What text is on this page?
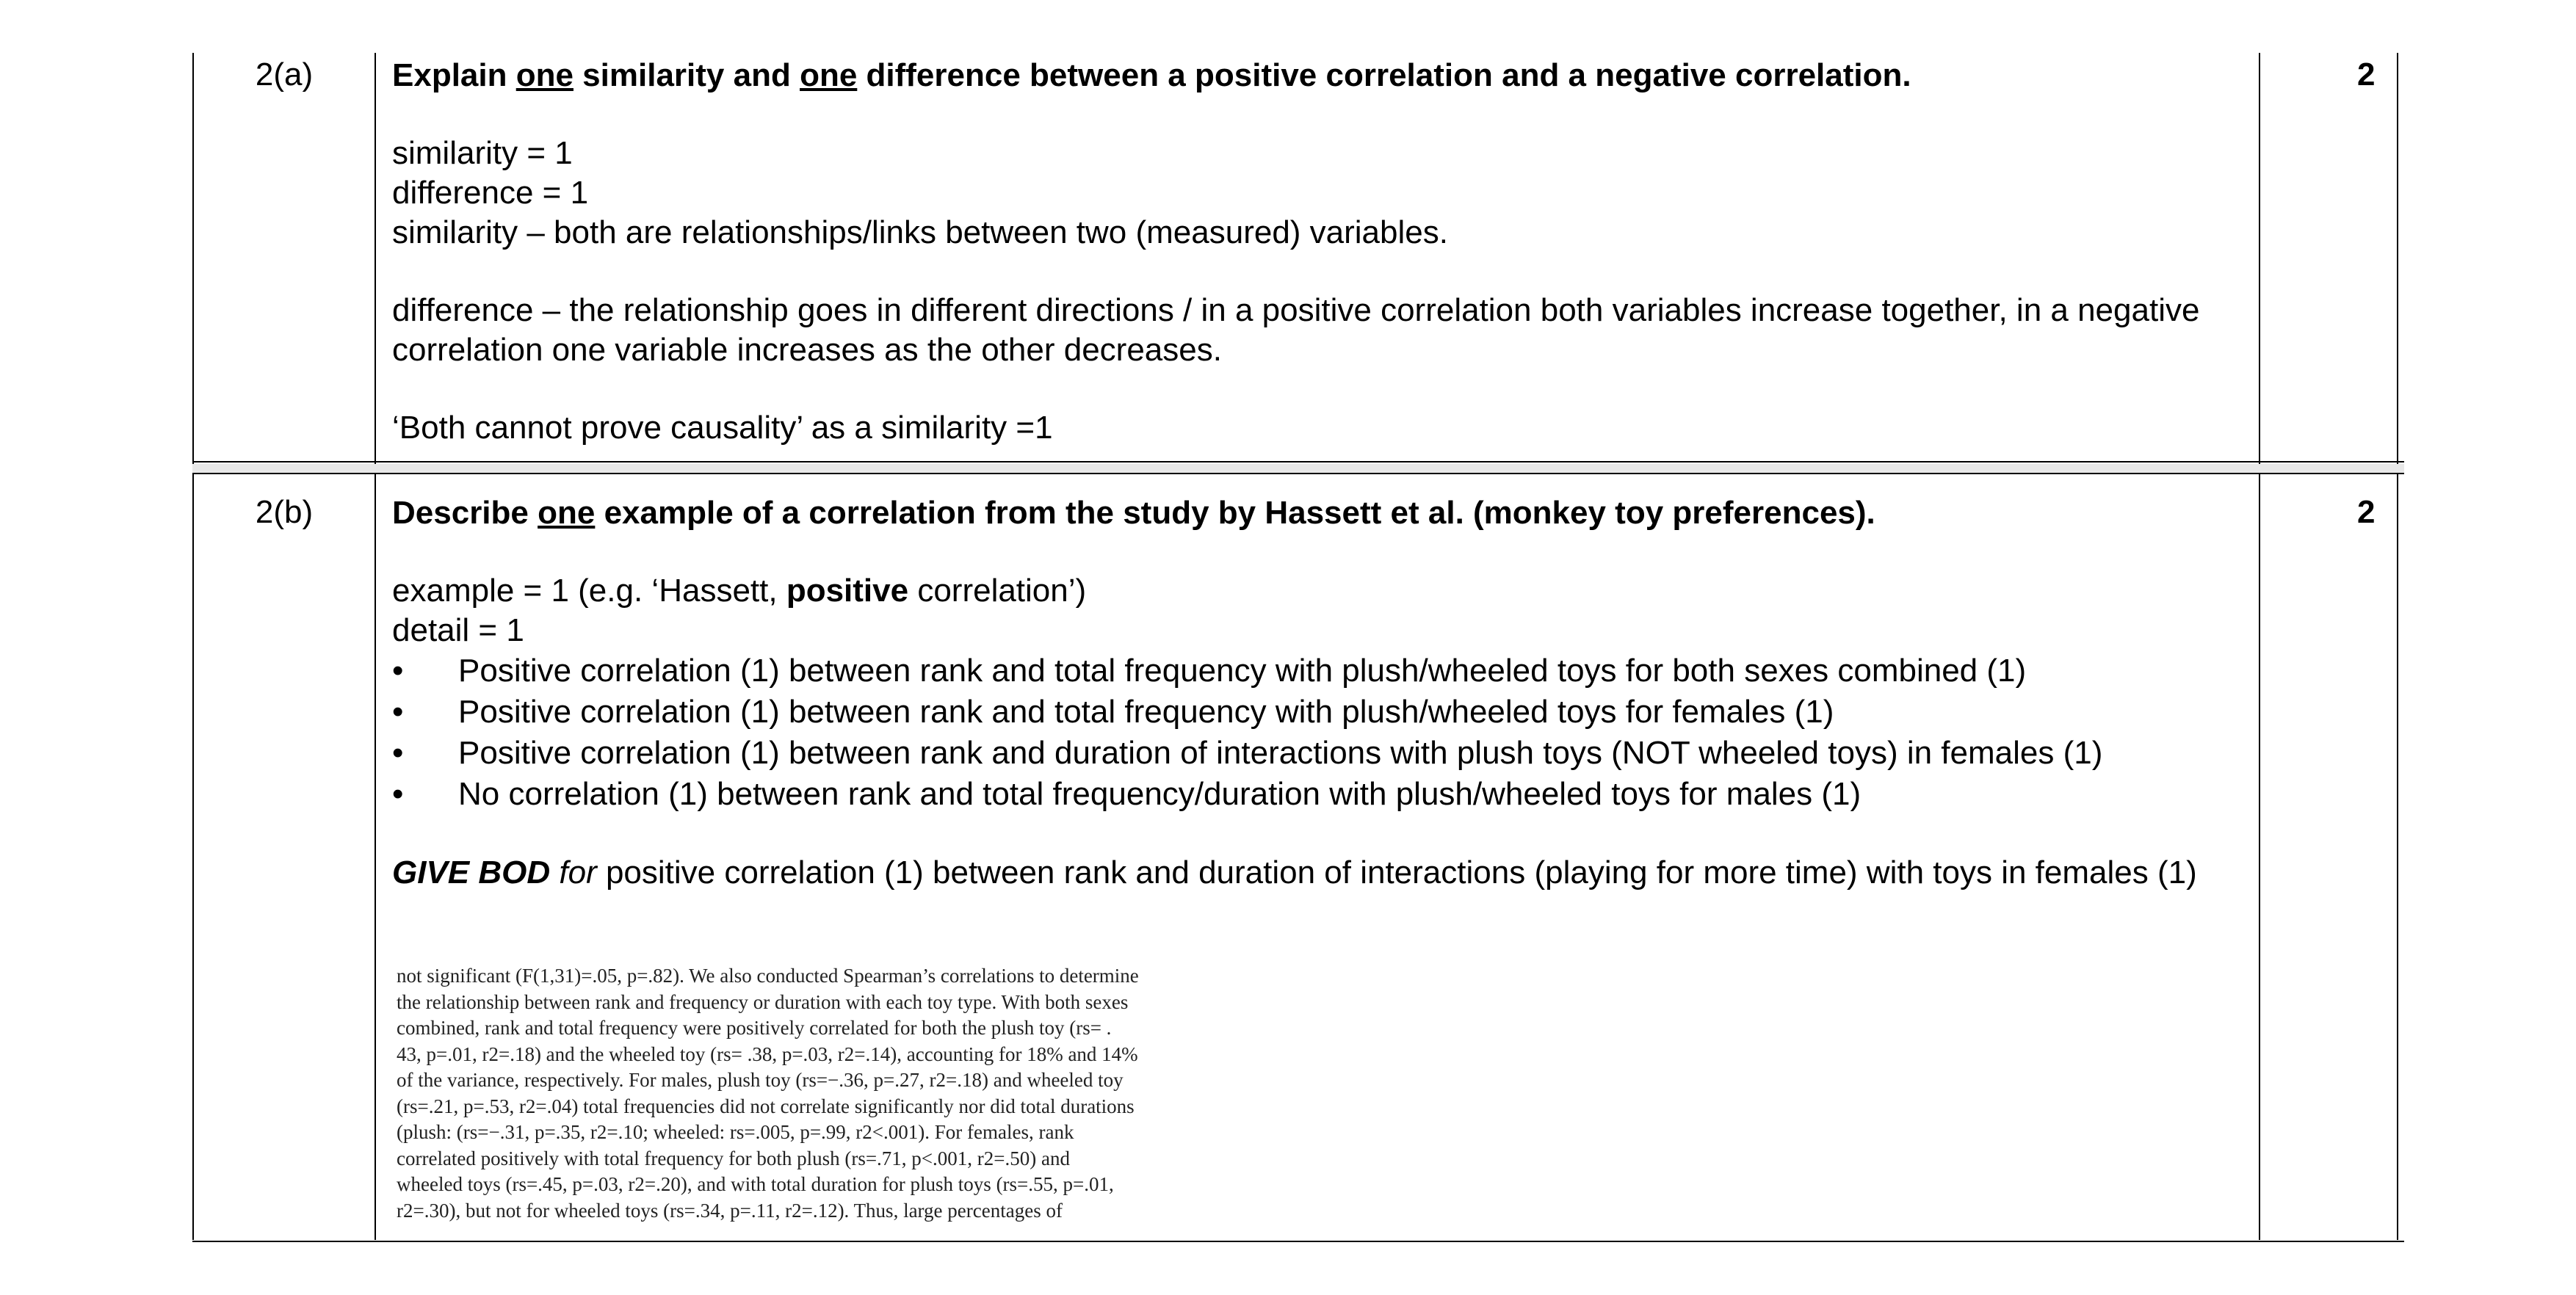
2(a)	2

Explain one similarity and one difference between a positive correlation and a negative correlation.

similarity = 1

difference = 1

similarity – both are relationships/links between two (measured) variables.

difference – the relationship goes in different directions / in a positive correlation both variables increase together, in a negative correlation one variable increases as the other decreases.

‘Both cannot prove causality’ as a similarity =1

2(b)	2

Describe one example of a correlation from the study by Hassett et al. (monkey toy preferences).

example = 1 (e.g. ‘Hassett, positive correlation’)

detail = 1

• Positive correlation (1) between rank and total frequency with plush/wheeled toys for both sexes combined (1)
• Positive correlation (1) between rank and total frequency with plush/wheeled toys for females (1)
• Positive correlation (1) between rank and duration of interactions with plush toys (NOT wheeled toys) in females (1)
• No correlation (1) between rank and total frequency/duration with plush/wheeled toys for males (1)

GIVE BOD for positive correlation (1) between rank and duration of interactions (playing for more time) with toys in females (1)

not significant (F(1,31)=.05, p=.82). We also conducted Spearman’s correlations to determine
the relationship between rank and frequency or duration with each toy type. With both sexes
combined, rank and total frequency were positively correlated for both the plush toy (rs= .
43, p=.01, r2=.18) and the wheeled toy (rs= .38, p=.03, r2=.14), accounting for 18% and 14%
of the variance, respectively. For males, plush toy (rs=−.36, p=.27, r2=.18) and wheeled toy
(rs=.21, p=.53, r2=.04) total frequencies did not correlate significantly nor did total durations
(plush: (rs=−.31, p=.35, r2=.10; wheeled: rs=.005, p=.99, r2<.001). For females, rank
correlated positively with total frequency for both plush (rs=.71, p<.001, r2=.50) and
wheeled toys (rs=.45, p=.03, r2=.20), and with total duration for plush toys (rs=.55, p=.01,
r2=.30), but not for wheeled toys (rs=.34, p=.11, r2=.12). Thus, large percentages of
